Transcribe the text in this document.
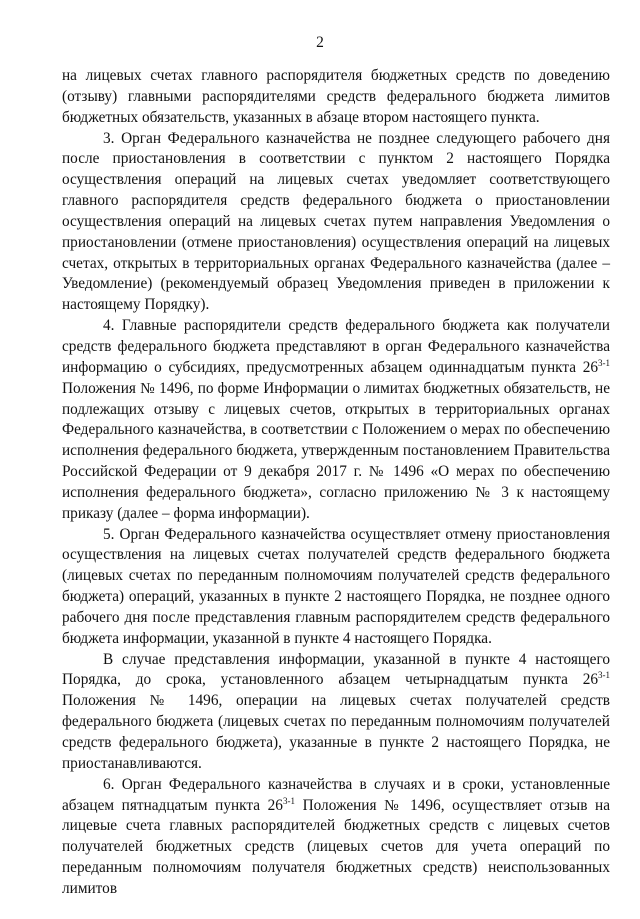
2

на лицевых счетах главного распорядителя бюджетных средств по доведению (отзыву) главными распорядителями средств федерального бюджета лимитов бюджетных обязательств, указанных в абзаце втором настоящего пункта.

3. Орган Федерального казначейства не позднее следующего рабочего дня после приостановления в соответствии с пунктом 2 настоящего Порядка осуществления операций на лицевых счетах уведомляет соответствующего главного распорядителя средств федерального бюджета о приостановлении осуществления операций на лицевых счетах путем направления Уведомления о приостановлении (отмене приостановления) осуществления операций на лицевых счетах, открытых в территориальных органах Федерального казначейства (далее – Уведомление) (рекомендуемый образец Уведомления приведен в приложении к настоящему Порядку).

4. Главные распорядители средств федерального бюджета как получатели средств федерального бюджета представляют в орган Федерального казначейства информацию о субсидиях, предусмотренных абзацем одиннадцатым пункта 26$^{3-1}$ Положения № 1496, по форме Информации о лимитах бюджетных обязательств, не подлежащих отзыву с лицевых счетов, открытых в территориальных органах Федерального казначейства, в соответствии с Положением о мерах по обеспечению исполнения федерального бюджета, утвержденным постановлением Правительства Российской Федерации от 9 декабря 2017 г. № 1496 «О мерах по обеспечению исполнения федерального бюджета», согласно приложению № 3 к настоящему приказу (далее – форма информации).

5. Орган Федерального казначейства осуществляет отмену приостановления осуществления на лицевых счетах получателей средств федерального бюджета (лицевых счетах по переданным полномочиям получателей средств федерального бюджета) операций, указанных в пункте 2 настоящего Порядка, не позднее одного рабочего дня после представления главным распорядителем средств федерального бюджета информации, указанной в пункте 4 настоящего Порядка.

В случае представления информации, указанной в пункте 4 настоящего Порядка, до срока, установленного абзацем четырнадцатым пункта 26$^{3-1}$ Положения № 1496, операции на лицевых счетах получателей средств федерального бюджета (лицевых счетах по переданным полномочиям получателей средств федерального бюджета), указанные в пункте 2 настоящего Порядка, не приостанавливаются.

6. Орган Федерального казначейства в случаях и в сроки, установленные абзацем пятнадцатым пункта 26$^{3-1}$ Положения № 1496, осуществляет отзыв на лицевые счета главных распорядителей бюджетных средств с лицевых счетов получателей бюджетных средств (лицевых счетов для учета операций по переданным полномочиям получателя бюджетных средств) неиспользованных лимитов
